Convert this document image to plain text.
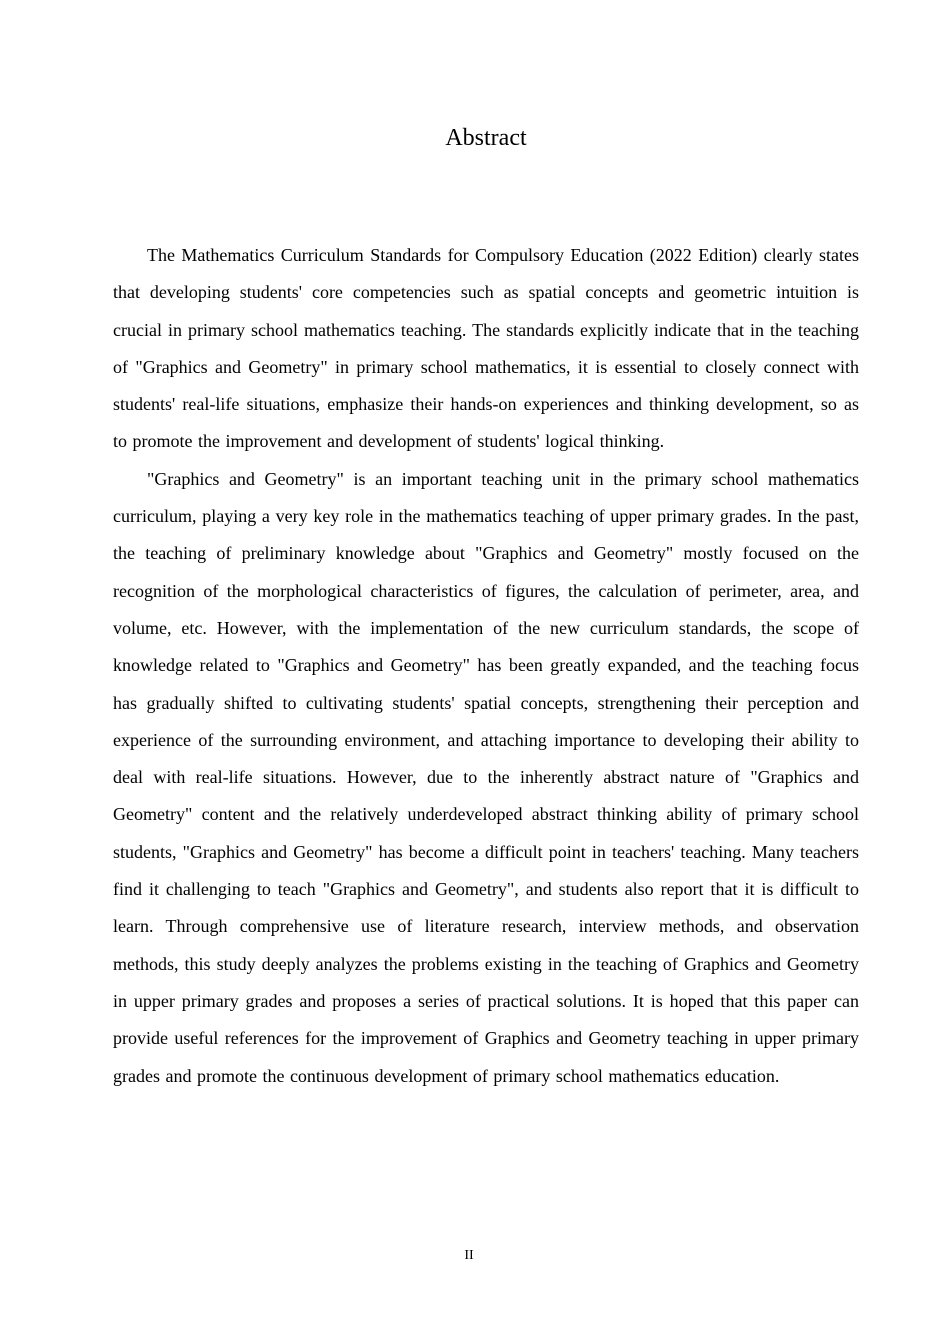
Abstract

The Mathematics Curriculum Standards for Compulsory Education (2022 Edition) clearly states that developing students' core competencies such as spatial concepts and geometric intuition is crucial in primary school mathematics teaching. The standards explicitly indicate that in the teaching of "Graphics and Geometry" in primary school mathematics, it is essential to closely connect with students' real-life situations, emphasize their hands-on experiences and thinking development, so as to promote the improvement and development of students' logical thinking.

"Graphics and Geometry" is an important teaching unit in the primary school mathematics curriculum, playing a very key role in the mathematics teaching of upper primary grades. In the past, the teaching of preliminary knowledge about "Graphics and Geometry" mostly focused on the recognition of the morphological characteristics of figures, the calculation of perimeter, area, and volume, etc. However, with the implementation of the new curriculum standards, the scope of knowledge related to "Graphics and Geometry" has been greatly expanded, and the teaching focus has gradually shifted to cultivating students' spatial concepts, strengthening their perception and experience of the surrounding environment, and attaching importance to developing their ability to deal with real-life situations. However, due to the inherently abstract nature of "Graphics and Geometry" content and the relatively underdeveloped abstract thinking ability of primary school students, "Graphics and Geometry" has become a difficult point in teachers' teaching. Many teachers find it challenging to teach "Graphics and Geometry", and students also report that it is difficult to learn. Through comprehensive use of literature research, interview methods, and observation methods, this study deeply analyzes the problems existing in the teaching of Graphics and Geometry in upper primary grades and proposes a series of practical solutions. It is hoped that this paper can provide useful references for the improvement of Graphics and Geometry teaching in upper primary grades and promote the continuous development of primary school mathematics education.

II
